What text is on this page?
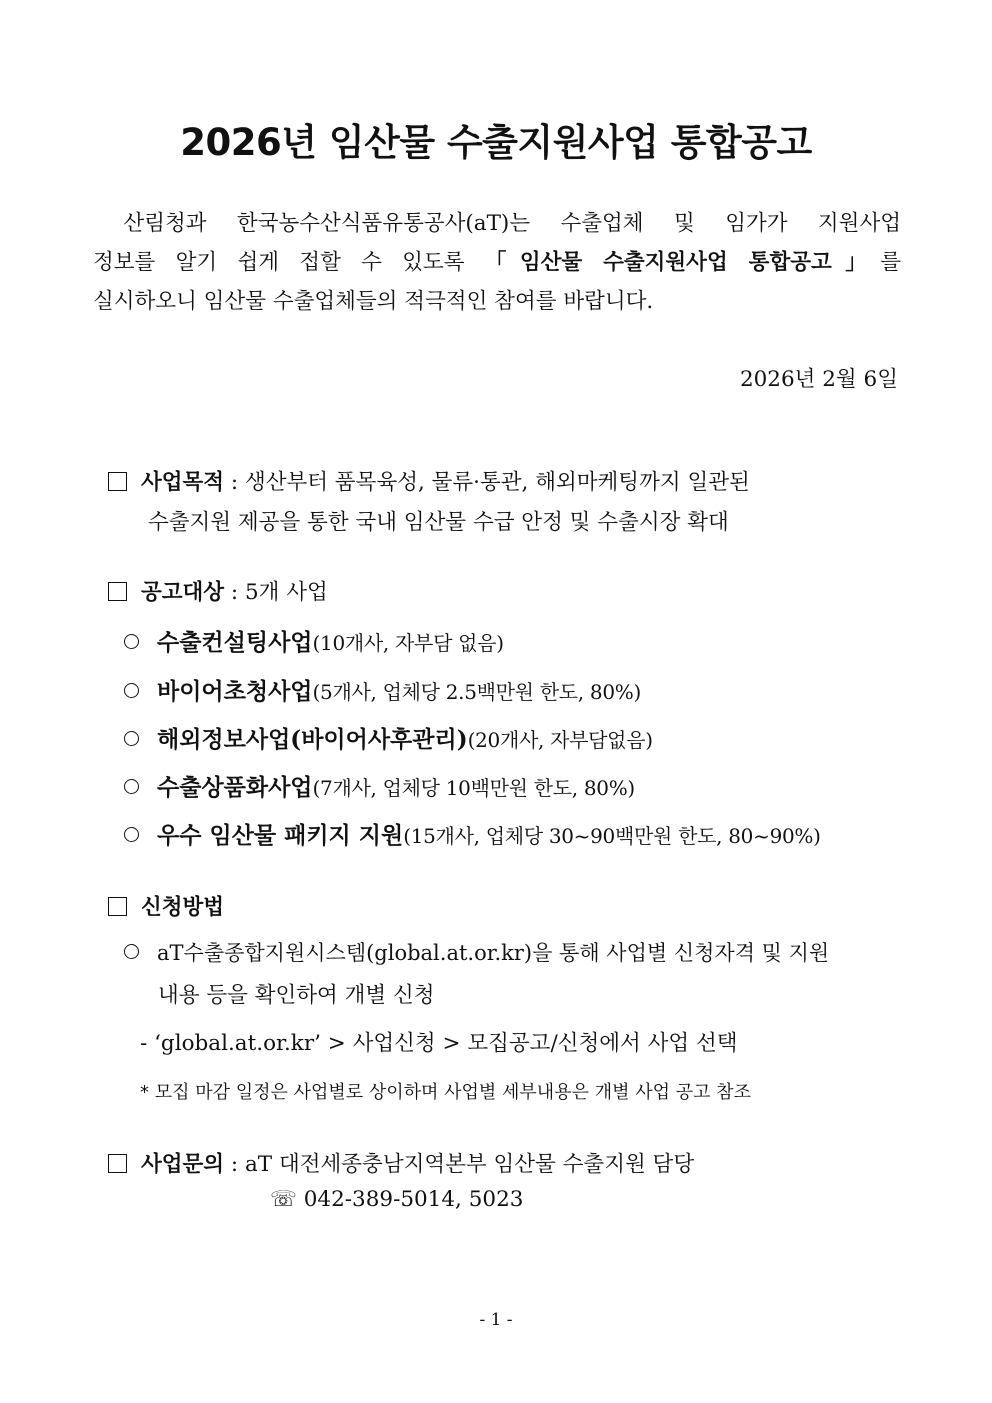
2026년 임산물 수출지원사업 통합공고
산림청과 한국농수산식품유통공사(aT)는 수출업체 및 임가가 지원사업
정보를 알기 쉽게 접할 수 있도록 「임산물 수출지원사업 통합공고」를
실시하오니 임산물 수출업체들의 적극적인 참여를 바랍니다.
2026년 2월 6일
사업목적 : 생산부터 품목육성, 물류·통관, 해외마케팅까지 일관된
수출지원 제공을 통한 국내 임산물 수급 안정 및 수출시장 확대
공고대상 : 5개 사업
수출컨설팅사업(10개사, 자부담 없음)
바이어초청사업(5개사, 업체당 2.5백만원 한도, 80%)
해외정보사업(바이어사후관리)(20개사, 자부담없음)
수출상품화사업(7개사, 업체당 10백만원 한도, 80%)
우수 임산물 패키지 지원(15개사, 업체당 30~90백만원 한도, 80~90%)
신청방법
aT수출종합지원시스템(global.at.or.kr)을 통해 사업별 신청자격 및 지원
내용 등을 확인하여 개별 신청
- ‘global.at.or.kr’ > 사업신청 > 모집공고/신청에서 사업 선택
* 모집 마감 일정은 사업별로 상이하며 사업별 세부내용은 개별 사업 공고 참조
사업문의 : aT 대전세종충남지역본부 임산물 수출지원 담당
☏ 042-389-5014, 5023
- 1 -
